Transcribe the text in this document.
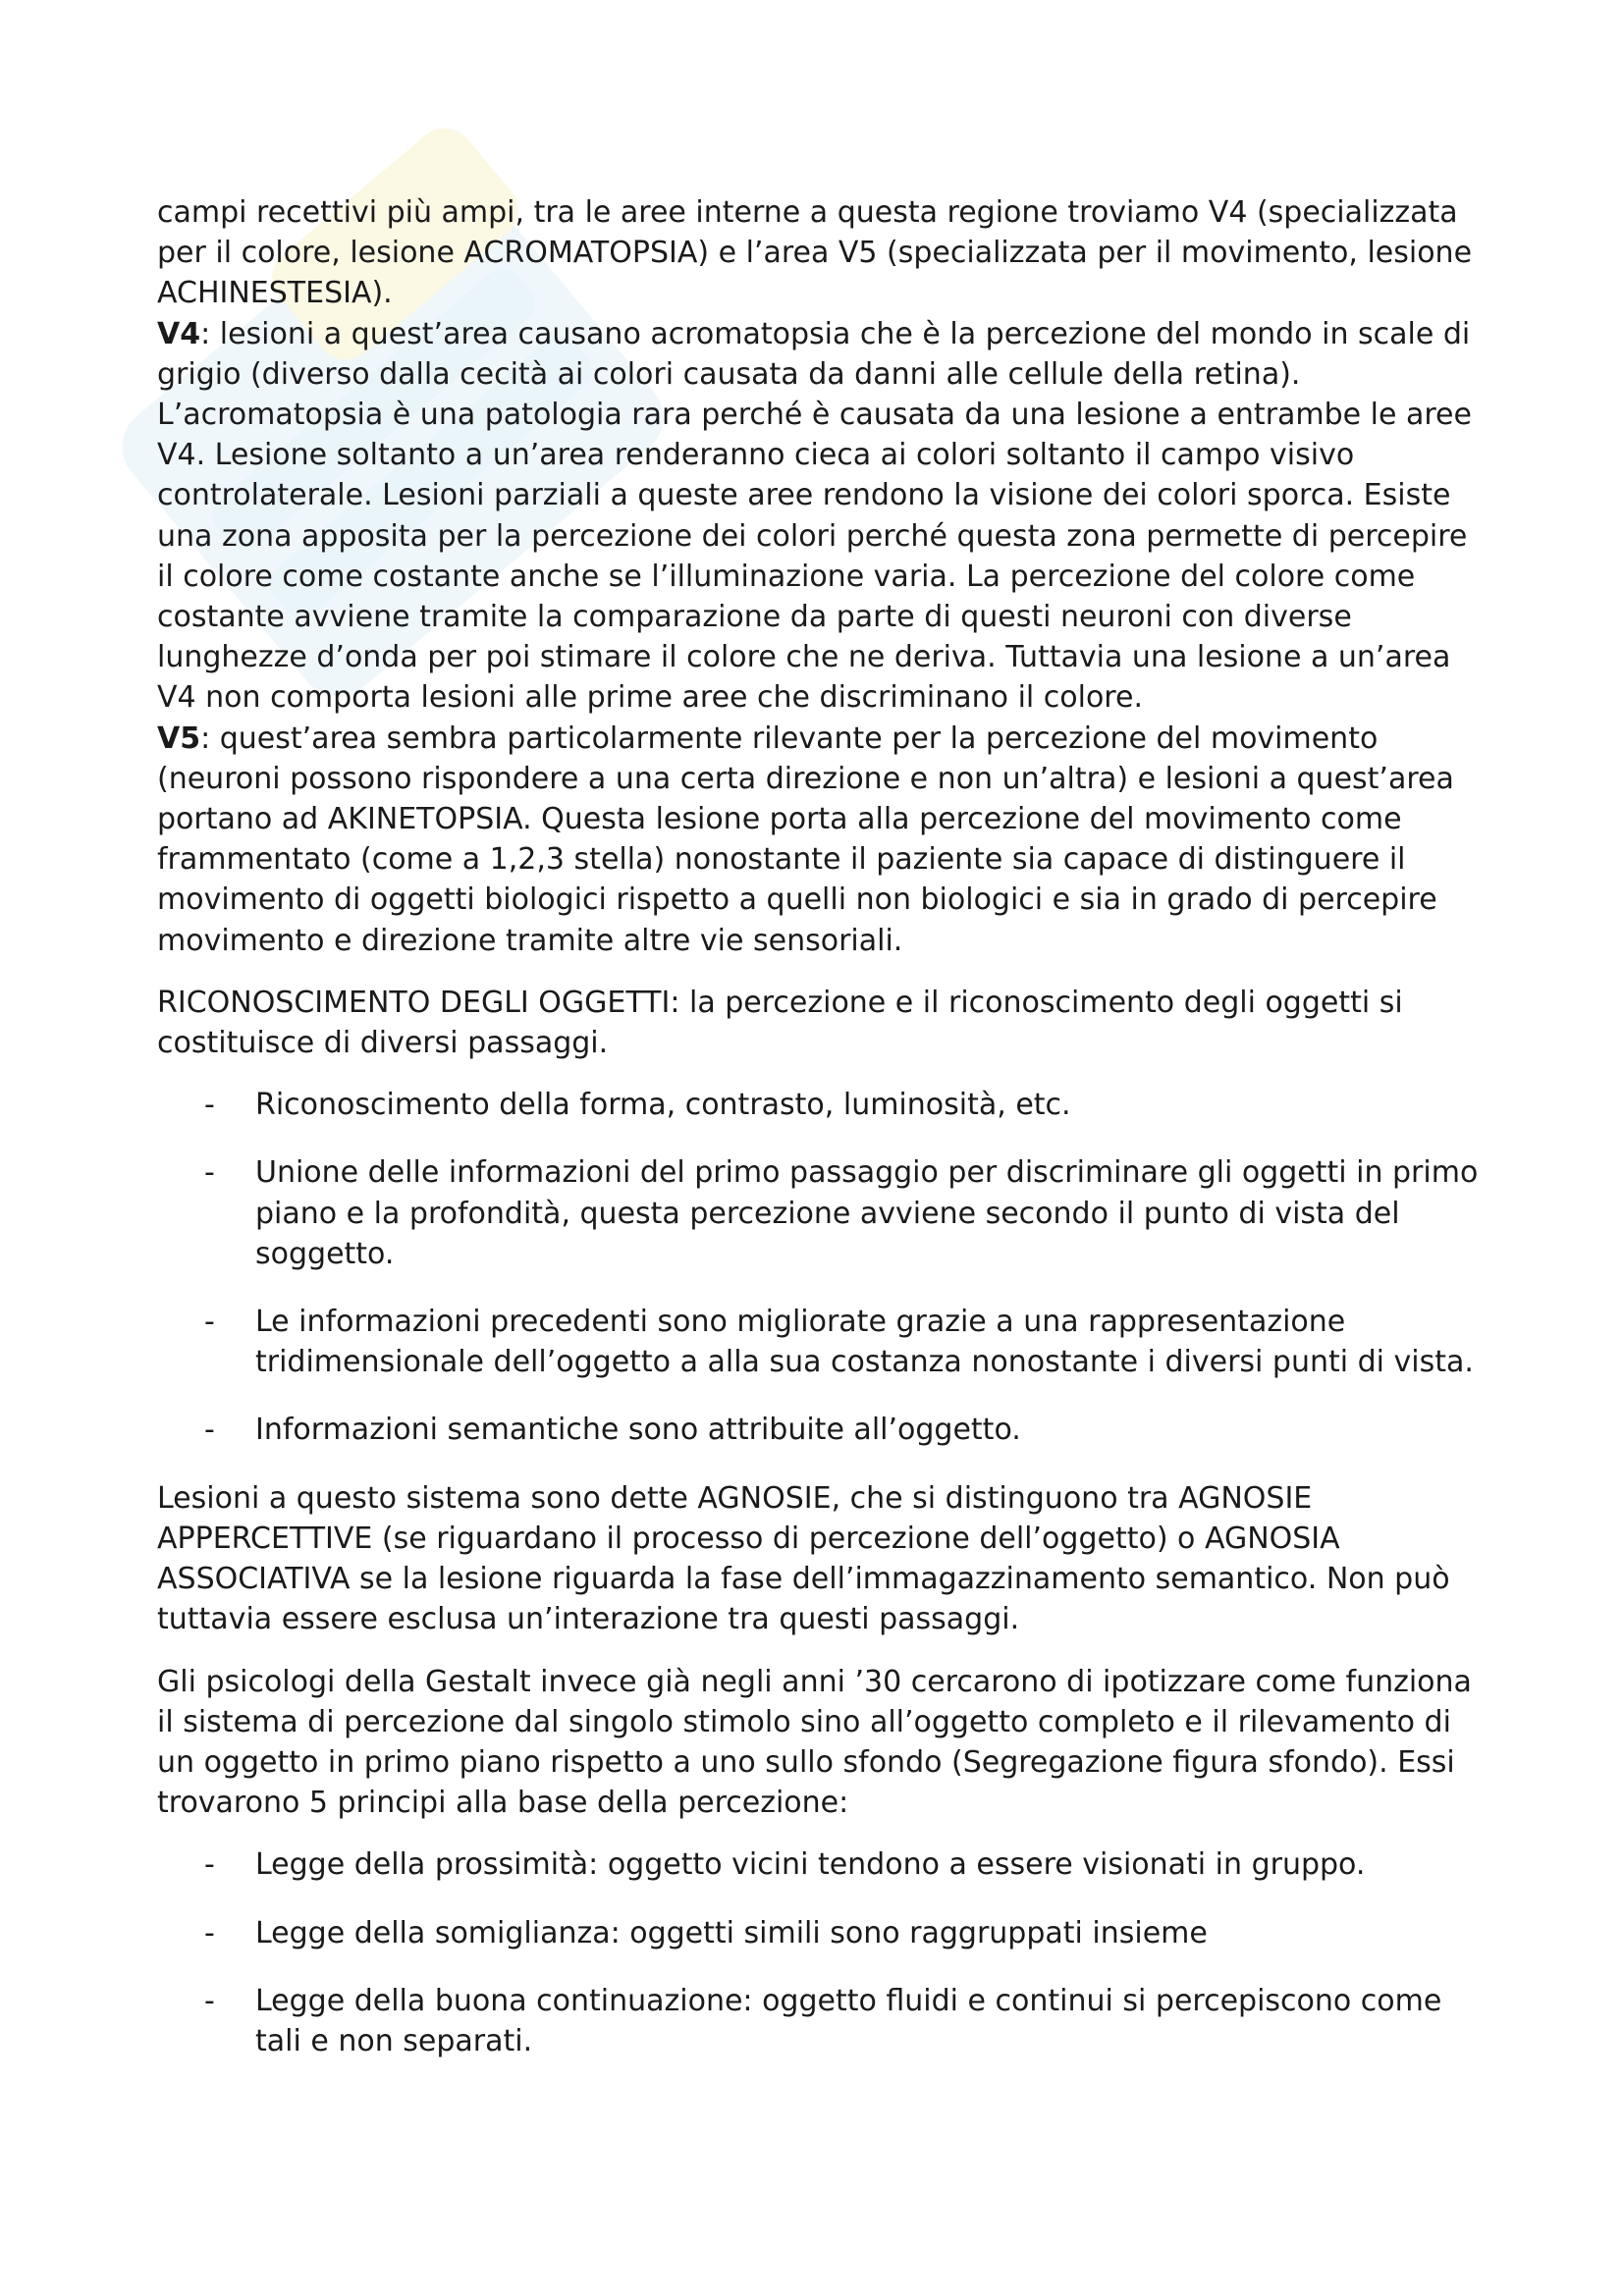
campi recettivi più ampi, tra le aree interne a questa regione troviamo V4 (specializzata per il colore, lesione ACROMATOPSIA) e l’area V5 (specializzata per il movimento, lesione ACHINESTESIA).

V4: lesioni a quest’area causano acromatopsia che è la percezione del mondo in scale di grigio (diverso dalla cecità ai colori causata da danni alle cellule della retina). L’acromatopsia è una patologia rara perché è causata da una lesione a entrambe le aree V4. Lesione soltanto a un’area renderanno cieca ai colori soltanto il campo visivo controlaterale. Lesioni parziali a queste aree rendono la visione dei colori sporca. Esiste una zona apposita per la percezione dei colori perché questa zona permette di percepire il colore come costante anche se l’illuminazione varia. La percezione del colore come costante avviene tramite la comparazione da parte di questi neuroni con diverse lunghezze d’onda per poi stimare il colore che ne deriva. Tuttavia una lesione a un’area V4 non comporta lesioni alle prime aree che discriminano il colore.

V5: quest’area sembra particolarmente rilevante per la percezione del movimento (neuroni possono rispondere a una certa direzione e non un’altra) e lesioni a quest’area portano ad AKINETOPSIA. Questa lesione porta alla percezione del movimento come frammentato (come a 1,2,3 stella) nonostante il paziente sia capace di distinguere il movimento di oggetti biologici rispetto a quelli non biologici e sia in grado di percepire movimento e direzione tramite altre vie sensoriali.

RICONOSCIMENTO DEGLI OGGETTI: la percezione e il riconoscimento degli oggetti si costituisce di diversi passaggi.

- Riconoscimento della forma, contrasto, luminosità, etc.
- Unione delle informazioni del primo passaggio per discriminare gli oggetti in primo piano e la profondità, questa percezione avviene secondo il punto di vista del soggetto.
- Le informazioni precedenti sono migliorate grazie a una rappresentazione tridimensionale dell’oggetto a alla sua costanza nonostante i diversi punti di vista.
- Informazioni semantiche sono attribuite all’oggetto.

Lesioni a questo sistema sono dette AGNOSIE, che si distinguono tra AGNOSIE APPERCETTIVE (se riguardano il processo di percezione dell’oggetto) o AGNOSIA ASSOCIATIVA se la lesione riguarda la fase dell’immagazzinamento semantico. Non può tuttavia essere esclusa un’interazione tra questi passaggi.

Gli psicologi della Gestalt invece già negli anni ’30 cercarono di ipotizzare come funziona il sistema di percezione dal singolo stimolo sino all’oggetto completo e il rilevamento di un oggetto in primo piano rispetto a uno sullo sfondo (Segregazione figura sfondo). Essi trovarono 5 principi alla base della percezione:

- Legge della prossimità: oggetto vicini tendono a essere visionati in gruppo.
- Legge della somiglianza: oggetti simili sono raggruppati insieme
- Legge della buona continuazione: oggetto fluidi e continui si percepiscono come tali e non separati.
